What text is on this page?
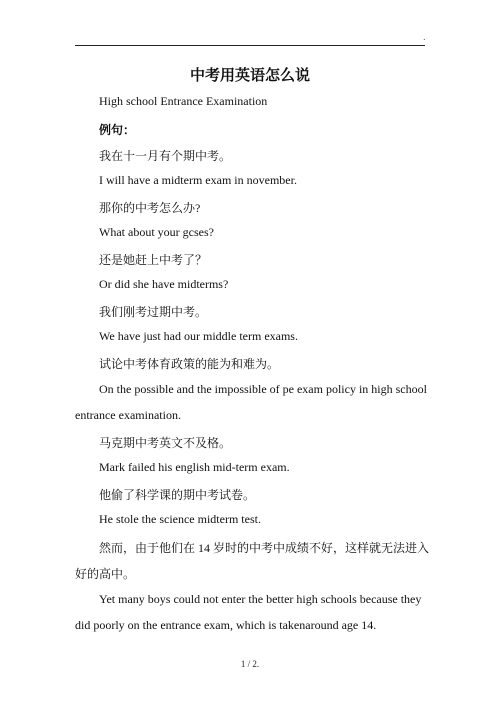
.
中考用英语怎么说
High school Entrance Examination
例句：
我在十一月有个期中考。
I will have a midterm exam in november.
那你的中考怎么办?
What about your gcses?
还是她赶上中考了？
Or did she have midterms?
我们刚考过期中考。
We have just had our middle term exams.
试论中考体育政策的能为和难为。
On the possible and the impossible of pe exam policy in high school
entrance examination.
马克期中考英文不及格。
Mark failed his english mid-term exam.
他偷了科学课的期中考试卷。
He stole the science midterm test.
然而，由于他们在 14 岁时的中考中成绩不好，这样就无法进入
好的高中。
Yet many boys could not enter the better high schools because they
did poorly on the entrance exam, which is takenaround age 14.
1 / 2.
